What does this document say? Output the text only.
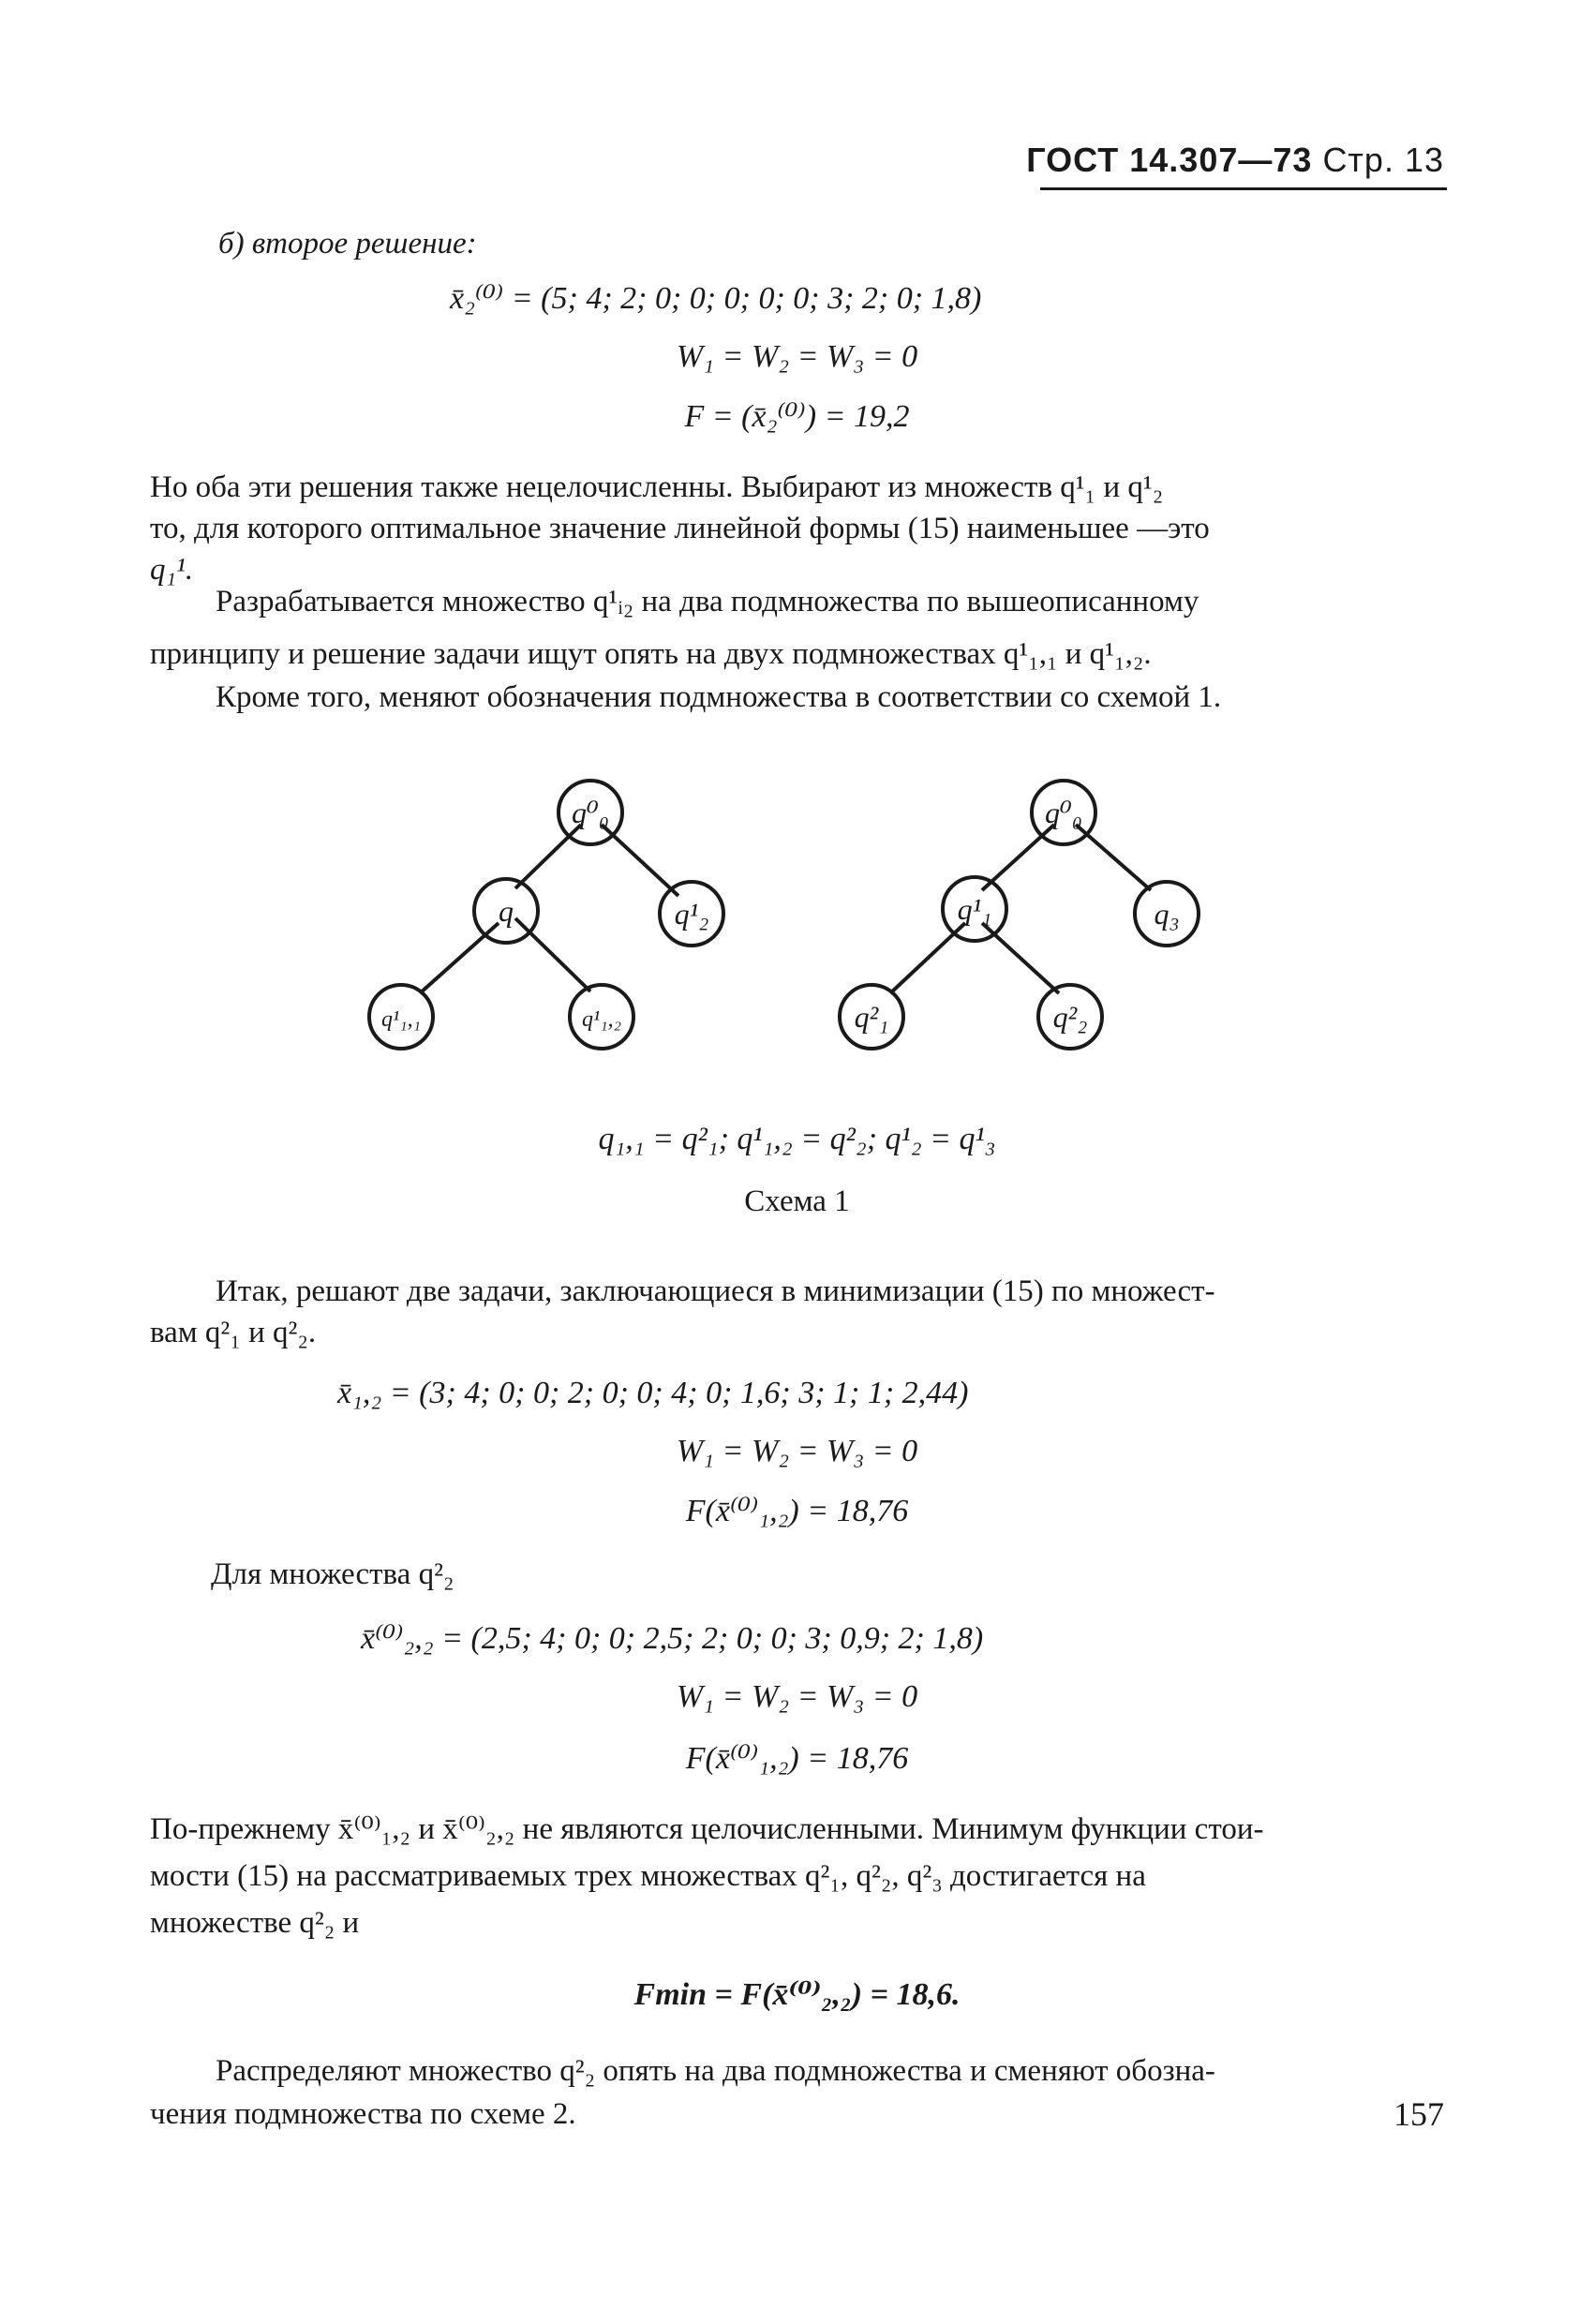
ГОСТ 14.307—73 Стр. 13
б) второе решение:
x̄₂⁽⁰⁾ = (5; 4; 2; 0; 0; 0; 0; 0; 3; 2; 0; 1,8)
W₁ = W₂ = W₃ = 0
F = (x̄₂⁽⁰⁾) = 19,2
Но оба эти решения также нецелочисленны. Выбирают из множеств q¹₁ и q¹₂
то, для которого оптимальное значение линейной формы (15) наименьшее —это
q₁¹.
Разрабатывается множество q¹ᵢ₂ на два подмножества по вышеописанному
принципу и решение задачи ищут опять на двух подмножествах q¹₁,₁ и q¹₁,₂.
Кроме того, меняют обозначения подмножества в соответствии со схемой 1.
q⁰₀
q	q¹₂
q¹₁,₁	q¹₁,₂
q⁰₀
q¹₁	q₃
q²₁	q²₂
q₁,₁ = q²₁; q¹₁,₂ = q²₂; q¹₂ = q¹₃
Схема 1
Итак, решают две задачи, заключающиеся в минимизации (15) по множест-
вам q²₁ и q²₂.
x̄₁,₂ = (3; 4; 0; 0; 2; 0; 0; 4; 0; 1,6; 3; 1; 1; 2,44)
W₁ = W₂ = W₃ = 0
F(x̄⁽⁰⁾₁,₂) = 18,76
Для множества q²₂
x̄⁽⁰⁾₂,₂ = (2,5; 4; 0; 0; 2,5; 2; 0; 0; 3; 0,9; 2; 1,8)
W₁ = W₂ = W₃ = 0
F(x̄⁽⁰⁾₁,₂) = 18,76
По-прежнему x̄⁽⁰⁾₁,₂ и x̄⁽⁰⁾₂,₂ не являются целочисленными. Минимум функции стои-
мости (15) на рассматриваемых трех множествах q²₁, q²₂, q²₃ достигается на
множестве q²₂ и
Fmin = F(x̄⁽⁰⁾₂,₂) = 18,6.
Распределяют множество q²₂ опять на два подмножества и сменяют обозна-
чения подмножества по схеме 2.	157
